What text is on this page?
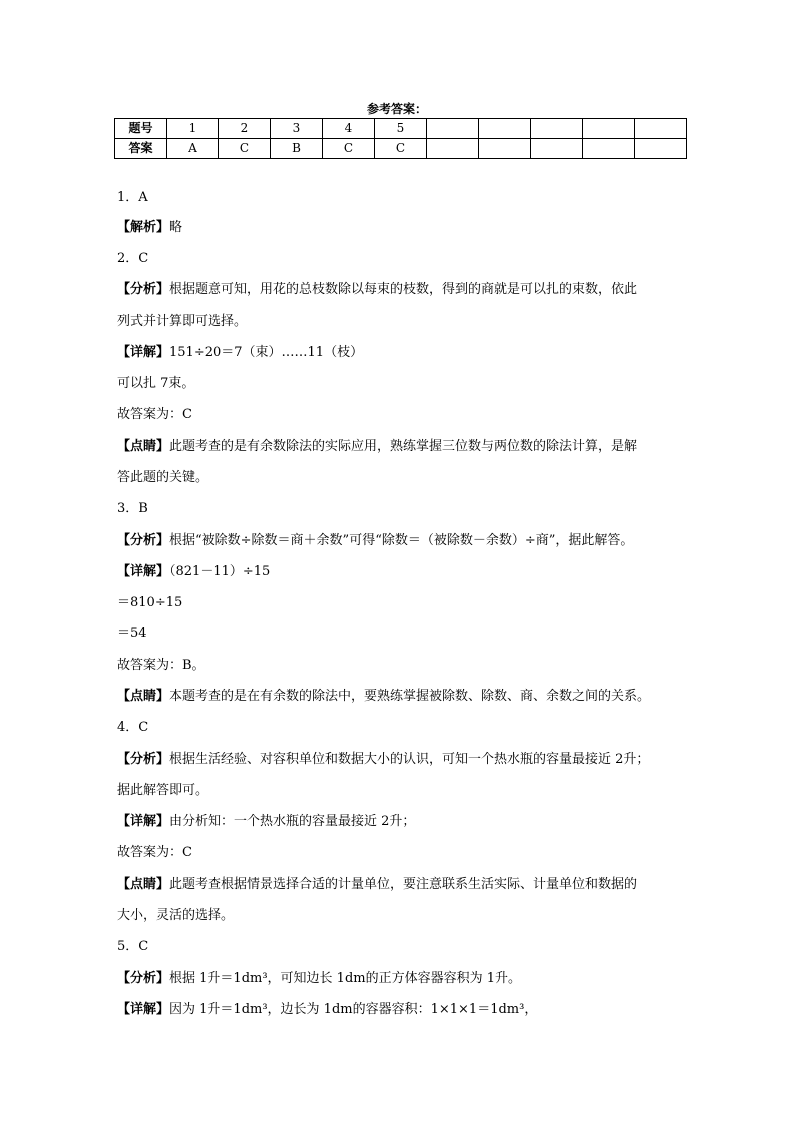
参考答案：
题号	1	2	3	4	5					
答案	A	C	B	C	C					
1．A
【解析】略
2．C
【分析】根据题意可知，用花的总枝数除以每束的枝数，得到的商就是可以扎的束数，依此
列式并计算即可选择。
【详解】151÷20＝7（束）……11（枝）
可以扎 7束。
故答案为：C
【点睛】此题考查的是有余数除法的实际应用，熟练掌握三位数与两位数的除法计算，是解
答此题的关键。
3．B
【分析】根据“被除数÷除数＝商＋余数”可得“除数＝（被除数－余数）÷商”，据此解答。
【详解】（821－11）÷15
＝810÷15
＝54
故答案为：B。
【点睛】本题考查的是在有余数的除法中，要熟练掌握被除数、除数、商、余数之间的关系。
4．C
【分析】根据生活经验、对容积单位和数据大小的认识，可知一个热水瓶的容量最接近 2升；
据此解答即可。
【详解】由分析知：一个热水瓶的容量最接近 2升；
故答案为：C
【点睛】此题考查根据情景选择合适的计量单位，要注意联系生活实际、计量单位和数据的
大小，灵活的选择。
5．C
【分析】根据 1升＝1dm³，可知边长 1dm的正方体容器容积为 1升。
【详解】因为 1升＝1dm³，边长为 1dm的容器容积：1×1×1＝1dm³，
